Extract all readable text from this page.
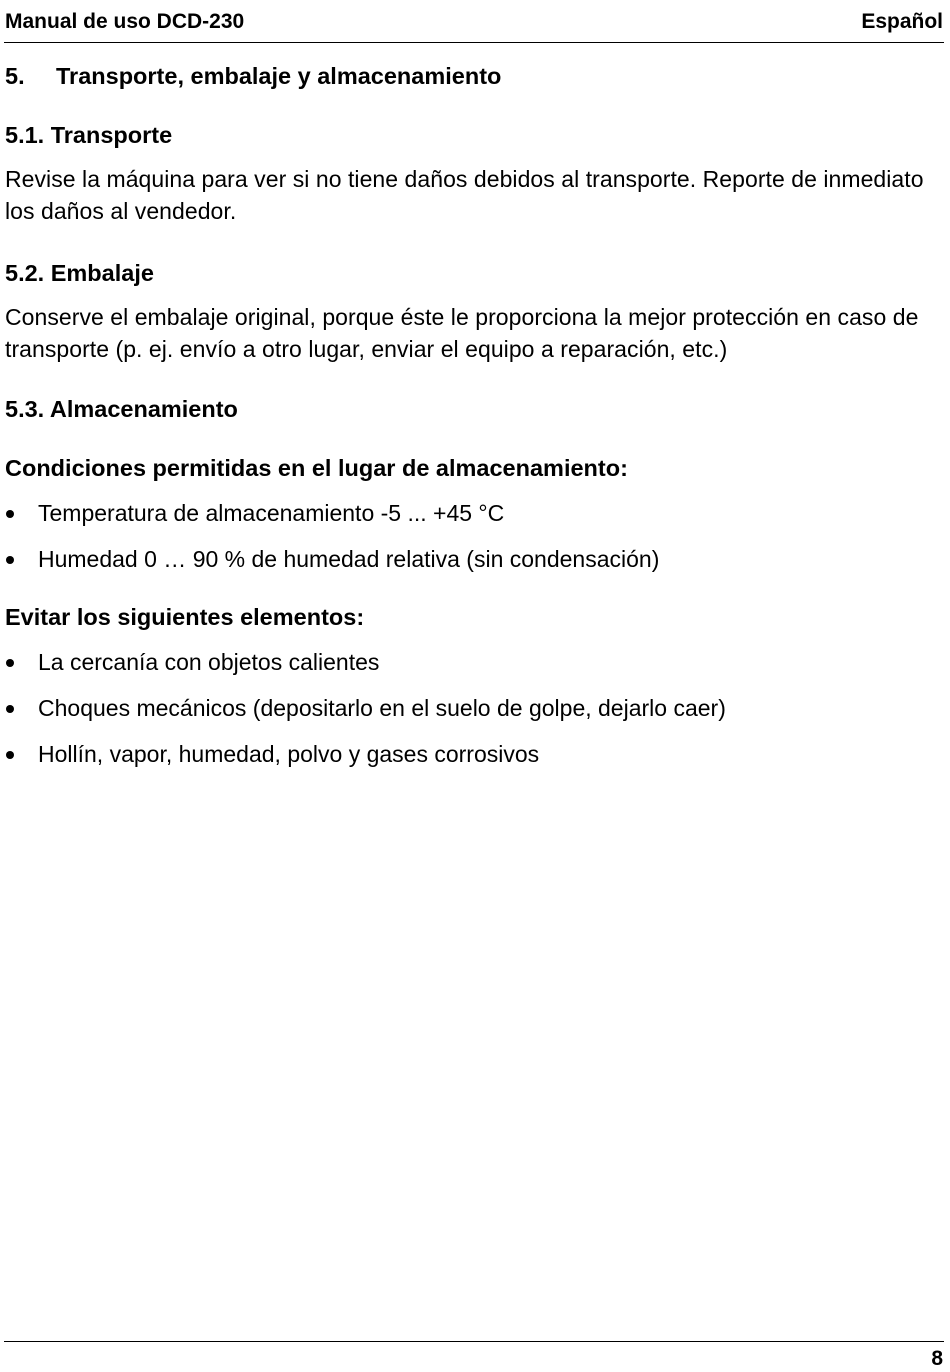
Manual de uso DCD-230	Español
5.	Transporte, embalaje y almacenamiento
5.1. Transporte

Revise la máquina para ver si no tiene daños debidos al transporte. Reporte de inmediato los daños al vendedor.

5.2. Embalaje

Conserve el embalaje original, porque éste le proporciona la mejor protección en caso de transporte (p. ej. envío a otro lugar, enviar el equipo a reparación, etc.)

5.3. Almacenamiento
Condiciones permitidas en el lugar de almacenamiento:
Temperatura de almacenamiento -5 ... +45 °C
Humedad 0 … 90 % de humedad relativa (sin condensación)
Evitar los siguientes elementos:
La cercanía con objetos calientes
Choques mecánicos (depositarlo en el suelo de golpe, dejarlo caer)
Hollín, vapor, humedad, polvo y gases corrosivos
8
